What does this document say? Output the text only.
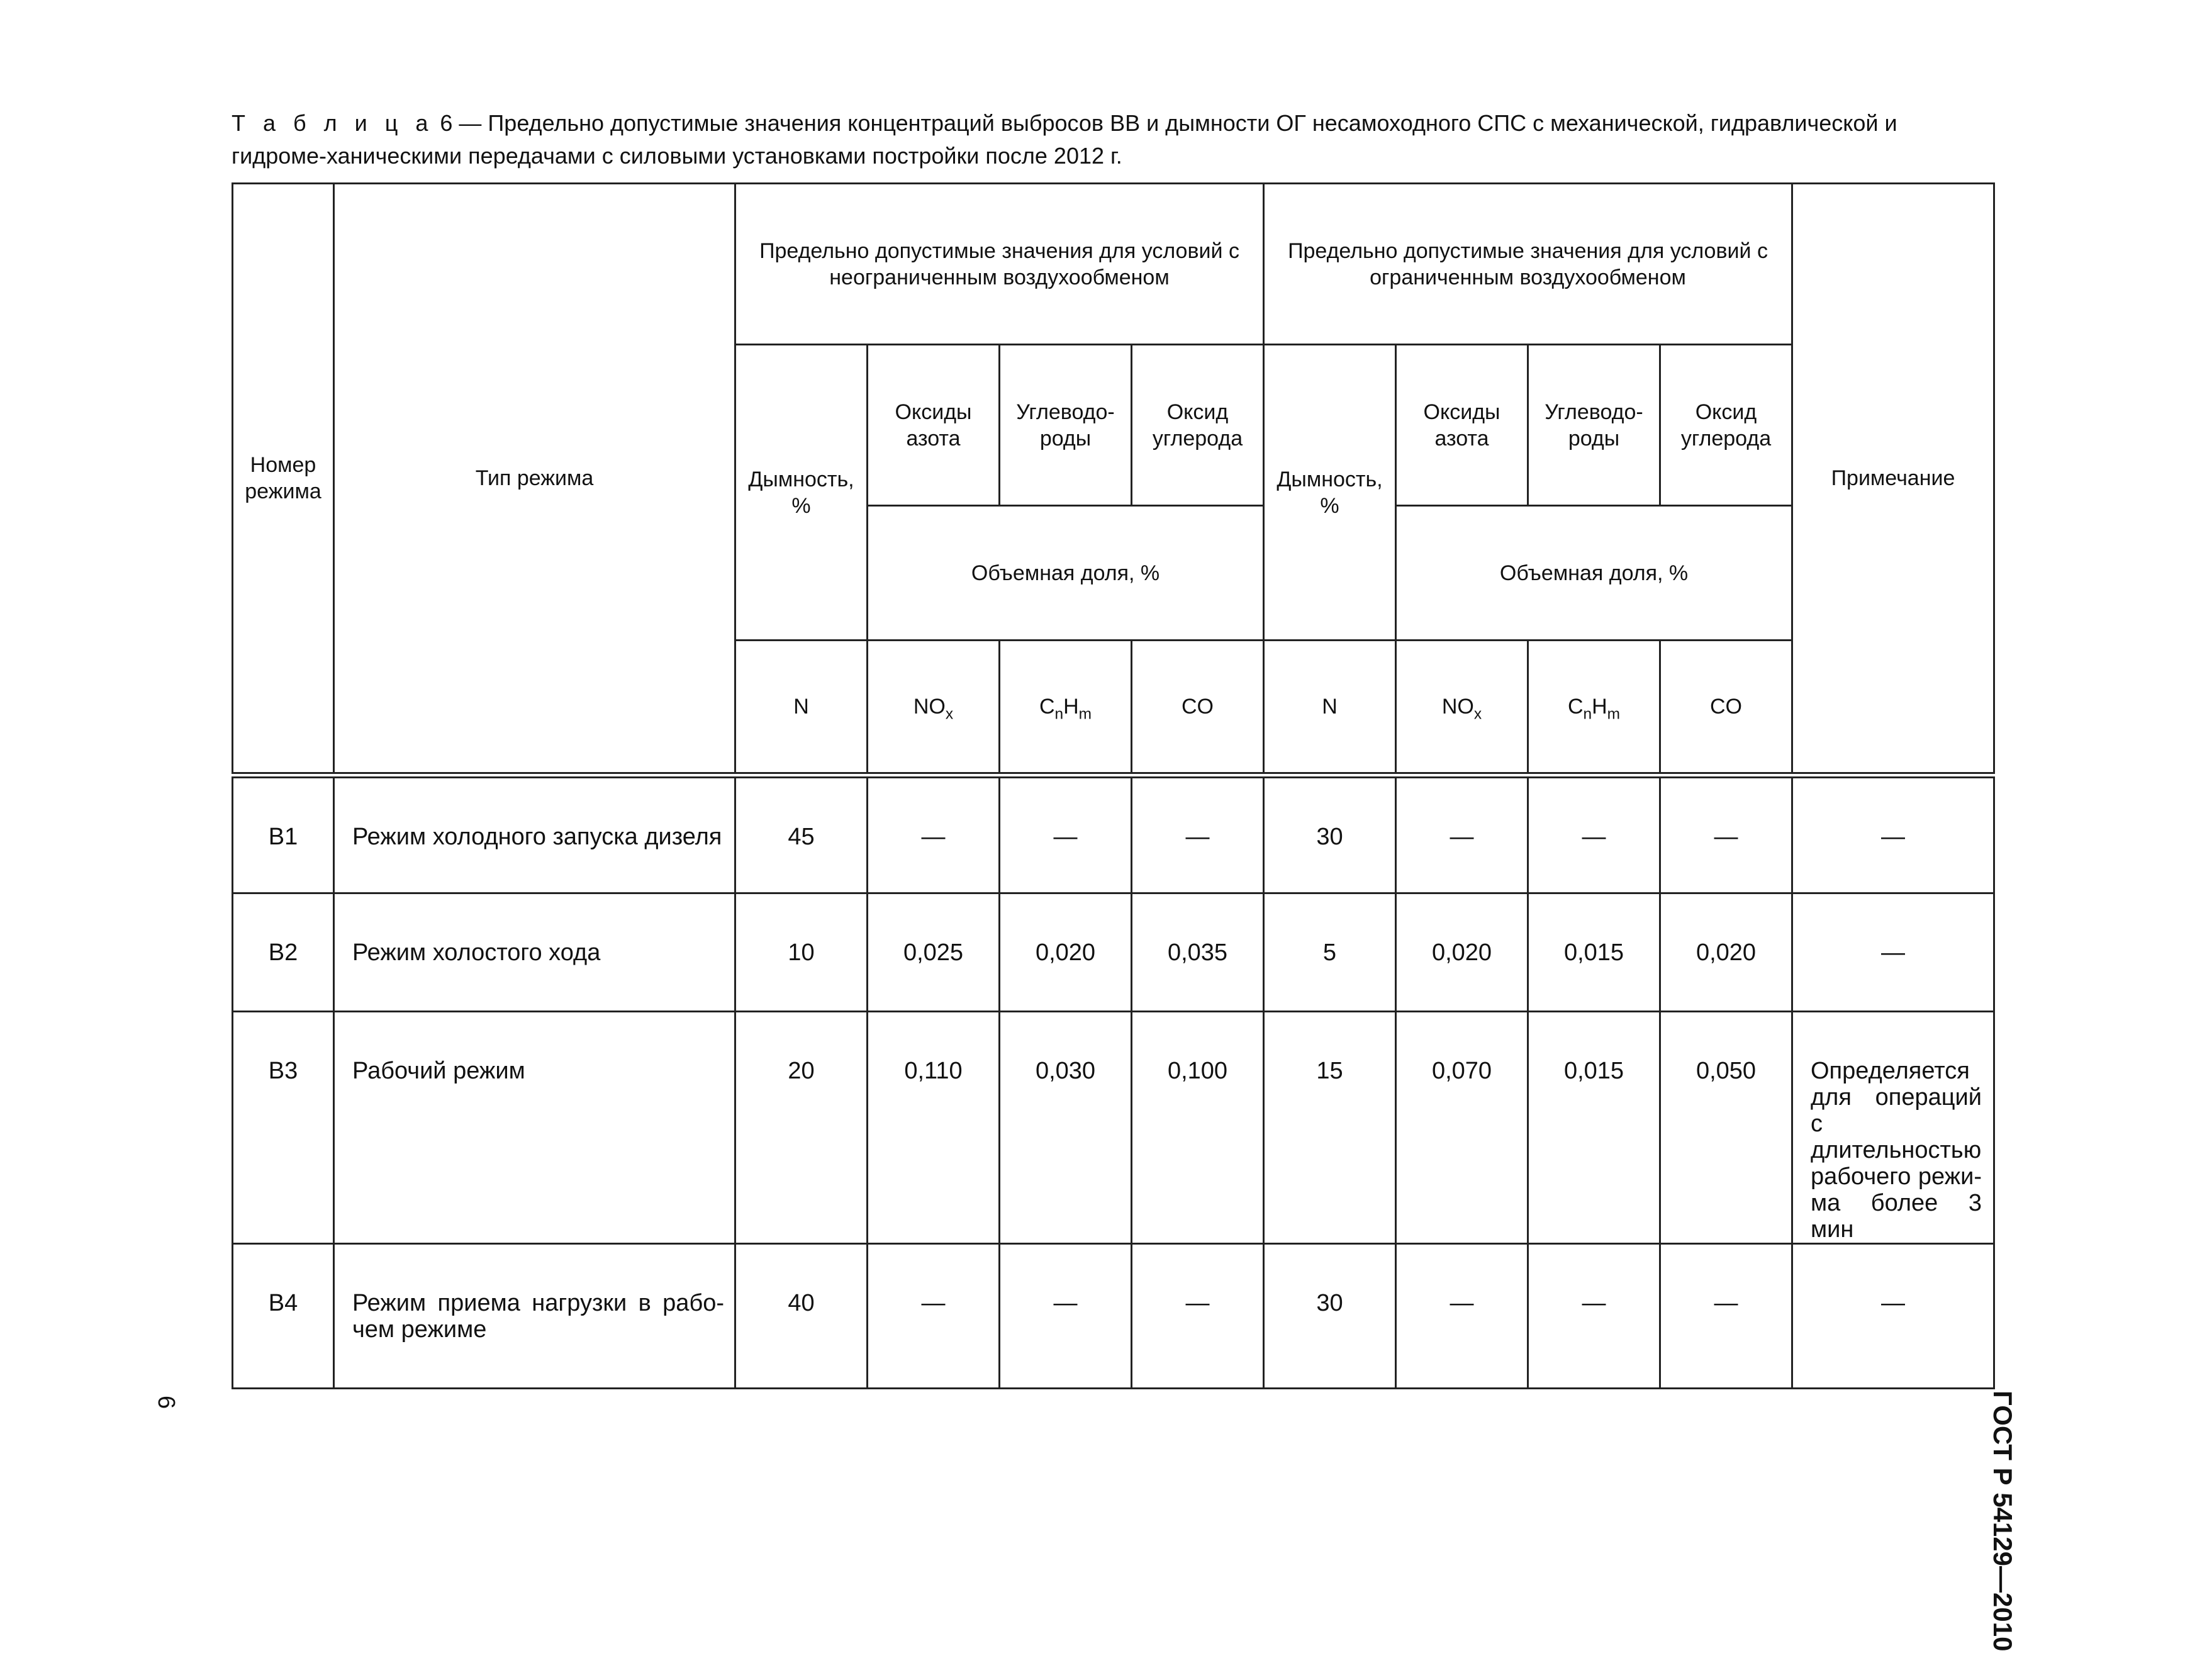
Т а б л и ц а 6 — Предельно допустимые значения концентраций выбросов ВВ и дымности ОГ несамоходного СПС с механической, гидравлической и гидроме-ханическими передачами с силовыми установками постройки после 2012 г.
Номер режима	Тип режима	Предельно допустимые значения для условий с неограниченным воздухообменом				Предельно допустимые значения для условий с ограниченным воздухообменом				Примечание
		Дымность, %	Оксиды азота	Углеводо-роды	Оксид углерода	Дымность, %	Оксиды азота	Углеводо-роды	Оксид углерода	
			Объемная доля, %				Объемная доля, %			
		N	$NO_x$	$C_nH_m$	CO	N	$NO_x$	$C_nH_m$	CO	
В1	Режим холодного запуска дизеля	45	—	—	—	30	—	—	—	—
В2	Режим холостого хода	10	0,025	0,020	0,035	5	0,020	0,015	0,020	—
В3	Рабочий режим	20	0,110	0,030	0,100	15	0,070	0,015	0,050	Определяется для операций с длительностью рабочего режи-ма более 3 мин
В4	Режим приема нагрузки в рабо-чем режиме	40	—	—	—	30	—	—	—	—
ГОСТ Р 54129—2010
6
